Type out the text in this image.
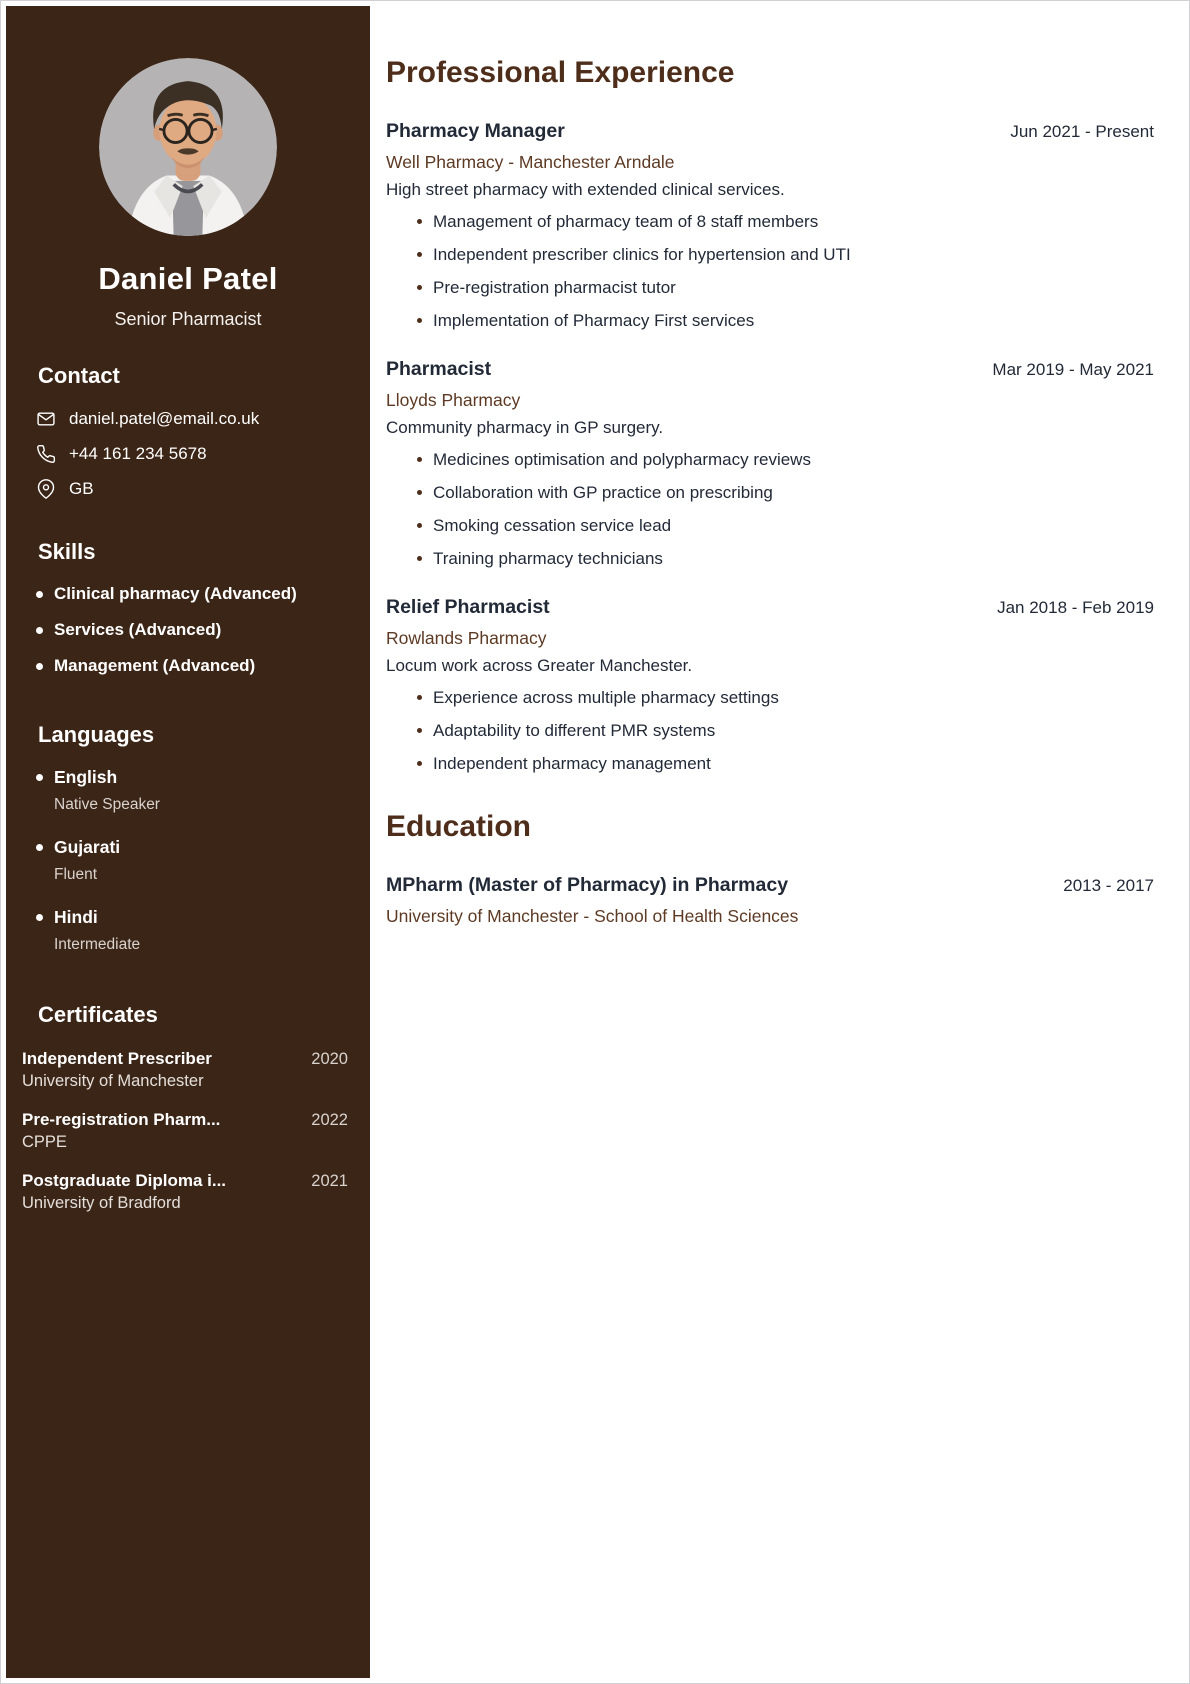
Daniel Patel
Senior Pharmacist
Contact
daniel.patel@email.co.uk
+44 161 234 5678
GB
Skills
Clinical pharmacy (Advanced)
Services (Advanced)
Management (Advanced)
Languages
English
Native Speaker
Gujarati
Fluent
Hindi
Intermediate
Certificates
Independent Prescriber	2020
University of Manchester
Pre-registration Pharm...	2022
CPPE
Postgraduate Diploma i...	2021
University of Bradford
Professional Experience
Pharmacy Manager	Jun 2021 - Present
Well Pharmacy - Manchester Arndale
High street pharmacy with extended clinical services.
Management of pharmacy team of 8 staff members
Independent prescriber clinics for hypertension and UTI
Pre-registration pharmacist tutor
Implementation of Pharmacy First services
Pharmacist	Mar 2019 - May 2021
Lloyds Pharmacy
Community pharmacy in GP surgery.
Medicines optimisation and polypharmacy reviews
Collaboration with GP practice on prescribing
Smoking cessation service lead
Training pharmacy technicians
Relief Pharmacist	Jan 2018 - Feb 2019
Rowlands Pharmacy
Locum work across Greater Manchester.
Experience across multiple pharmacy settings
Adaptability to different PMR systems
Independent pharmacy management
Education
MPharm (Master of Pharmacy) in Pharmacy	2013 - 2017
University of Manchester - School of Health Sciences
